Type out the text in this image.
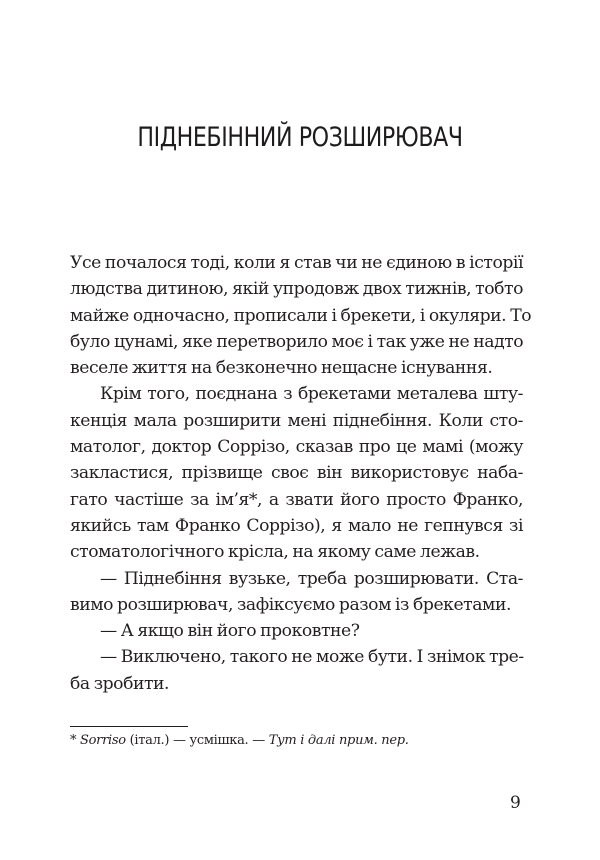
ПІДНЕБІННИЙ РОЗШИРЮВАЧ
Усе почалося тоді, коли я став чи не єдиною в історії
людства дитиною, якій упродовж двох тижнів, тобто
майже одночасно, прописали і брекети, і окуляри. То
було цунамі, яке перетворило моє і так уже не надто
веселе життя на безконечно нещасне існування.
Крім того, поєднана з брекетами металева шту-
кенція мала розширити мені піднебіння. Коли сто-
матолог, доктор Соррізо, сказав про це мамі (можу
закластися, прізвище своє він використовує наба-
гато частіше за ім’я*, а звати його просто Франко,
якийсь там Франко Соррізо), я мало не гепнувся зі
стоматологічного крісла, на якому саме лежав.
— Піднебіння вузьке, треба розширювати. Ста-
вимо розширювач, зафіксуємо разом із брекетами.
— А якщо він його проковтне?
— Виключено, такого не може бути. І знімок тре-
ба зробити.
* Sorriso (італ.) — усмішка. — Тут і далі прим. пер.
9
